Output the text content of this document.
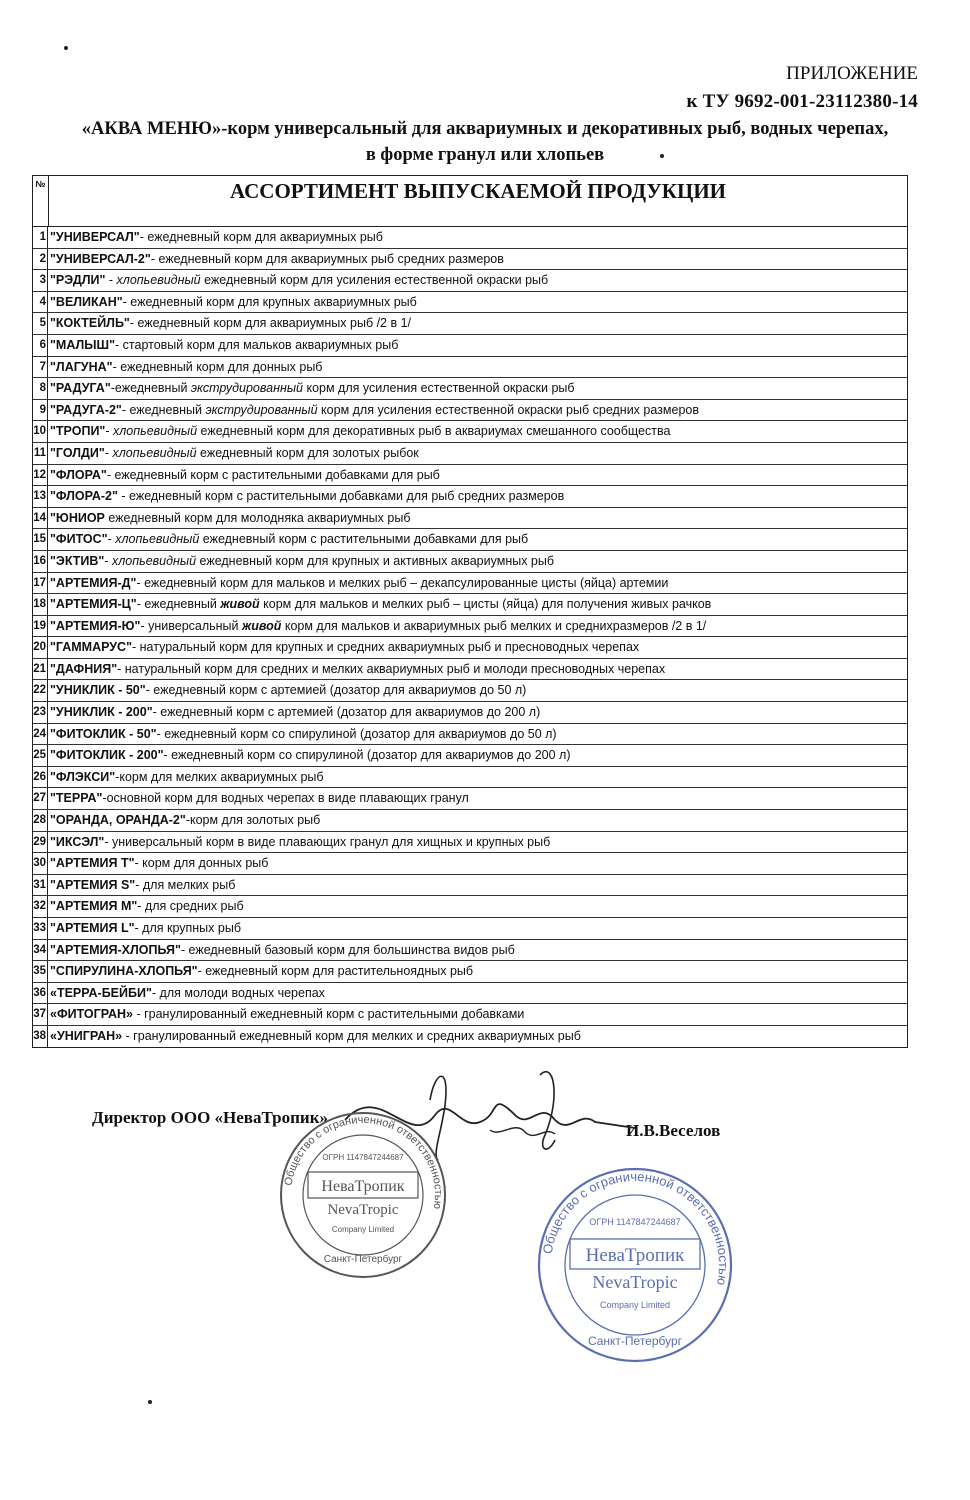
ПРИЛОЖЕНИЕ
к ТУ 9692-001-23112380-14
«АКВА МЕНЮ»-корм универсальный для аквариумных и декоративных рыб, водных черепах,
в форме гранул или хлопьев
№	АССОРТИМЕНТ ВЫПУСКАЕМОЙ ПРОДУКЦИИ
1 "УНИВЕРСАЛ"- ежедневный корм для аквариумных рыб
2 "УНИВЕРСАЛ-2"- ежедневный корм для аквариумных рыб средних размеров
3 "РЭДЛИ" - хлопьевидный ежедневный корм для усиления естественной окраски рыб
4 "ВЕЛИКАН"- ежедневный корм для крупных аквариумных рыб
5 "КОКТЕЙЛЬ"- ежедневный корм для аквариумных рыб /2 в 1/
6 "МАЛЫШ"- стартовый корм для мальков аквариумных рыб
7 "ЛАГУНА"- ежедневный корм для донных рыб
8 "РАДУГА"-ежедневный экструдированный корм для усиления естественной окраски рыб
9 "РАДУГА-2"- ежедневный экструдированный корм для усиления естественной окраски рыб средних размеров
10 "ТРОПИ"- хлопьевидный ежедневный корм для декоративных рыб в аквариумах смешанного сообщества
11 "ГОЛДИ"- хлопьевидный ежедневный корм для золотых рыбок
12 "ФЛОРА"- ежедневный корм с растительными добавками для рыб
13 "ФЛОРА-2" - ежедневный корм с растительными добавками для рыб средних размеров
14 "ЮНИОР ежедневный корм для молодняка аквариумных рыб
15 "ФИТОС"- хлопьевидный ежедневный корм с растительными добавками для рыб
16 "ЭКТИВ"- хлопьевидный ежедневный корм для крупных и активных аквариумных рыб
17 "АРТЕМИЯ-Д"- ежедневный корм для мальков и мелких рыб – декапсулированные цисты (яйца) артемии
18 "АРТЕМИЯ-Ц"- ежедневный живой корм для мальков и мелких рыб – цисты (яйца) для получения живых рачков
19 "АРТЕМИЯ-Ю"- универсальный живой корм для мальков и аквариумных рыб мелких и среднихразмеров /2 в 1/
20 "ГАММАРУС"- натуральный корм для крупных и средних аквариумных рыб и пресноводных черепах
21 "ДАФНИЯ"- натуральный корм для средних и мелких аквариумных рыб и молоди пресноводных черепах
22 "УНИКЛИК - 50"- ежедневный корм с артемией (дозатор для аквариумов до 50 л)
23 "УНИКЛИК - 200"- ежедневный корм с артемией (дозатор для аквариумов до 200 л)
24 "ФИТОКЛИК - 50"- ежедневный корм со спирулиной (дозатор для аквариумов до 50 л)
25 "ФИТОКЛИК - 200"- ежедневный корм со спирулиной (дозатор для аквариумов до 200 л)
26 "ФЛЭКСИ"-корм для мелких аквариумных рыб
27 "ТЕРРА"-основной корм для водных черепах в виде плавающих гранул
28 "ОРАНДА, ОРАНДА-2"-корм для золотых рыб
29 "ИКСЭЛ"- универсальный корм в виде плавающих гранул для хищных и крупных рыб
30 "АРТЕМИЯ Т"- корм для донных рыб
31 "АРТЕМИЯ S"- для мелких рыб
32 "АРТЕМИЯ М"- для средних рыб
33 "АРТЕМИЯ L"- для крупных рыб
34 "АРТЕМИЯ-ХЛОПЬЯ"- ежедневный базовый корм для большинства видов рыб
35 "СПИРУЛИНА-ХЛОПЬЯ"- ежедневный корм для растительноядных рыб
36 «ТЕРРА-БЕЙБИ"- для молоди водных черепах
37 «ФИТОГРАН» - гранулированный ежедневный корм с растительными добавками
38 «УНИГРАН» - гранулированный ежедневный корм для мелких и средних аквариумных рыб
Директор ООО «НеваТропик»
И.В.Веселов
Общество с ограниченной ответственностью
ОГРН 1147847244687
НеваТропик
NevaTropic
Company Limited
Санкт-Петербург
Общество с ограниченной ответственностью
ОГРН 1147847244687
НеваТропик
NevaTropic
Company Limited
Санкт-Петербург
